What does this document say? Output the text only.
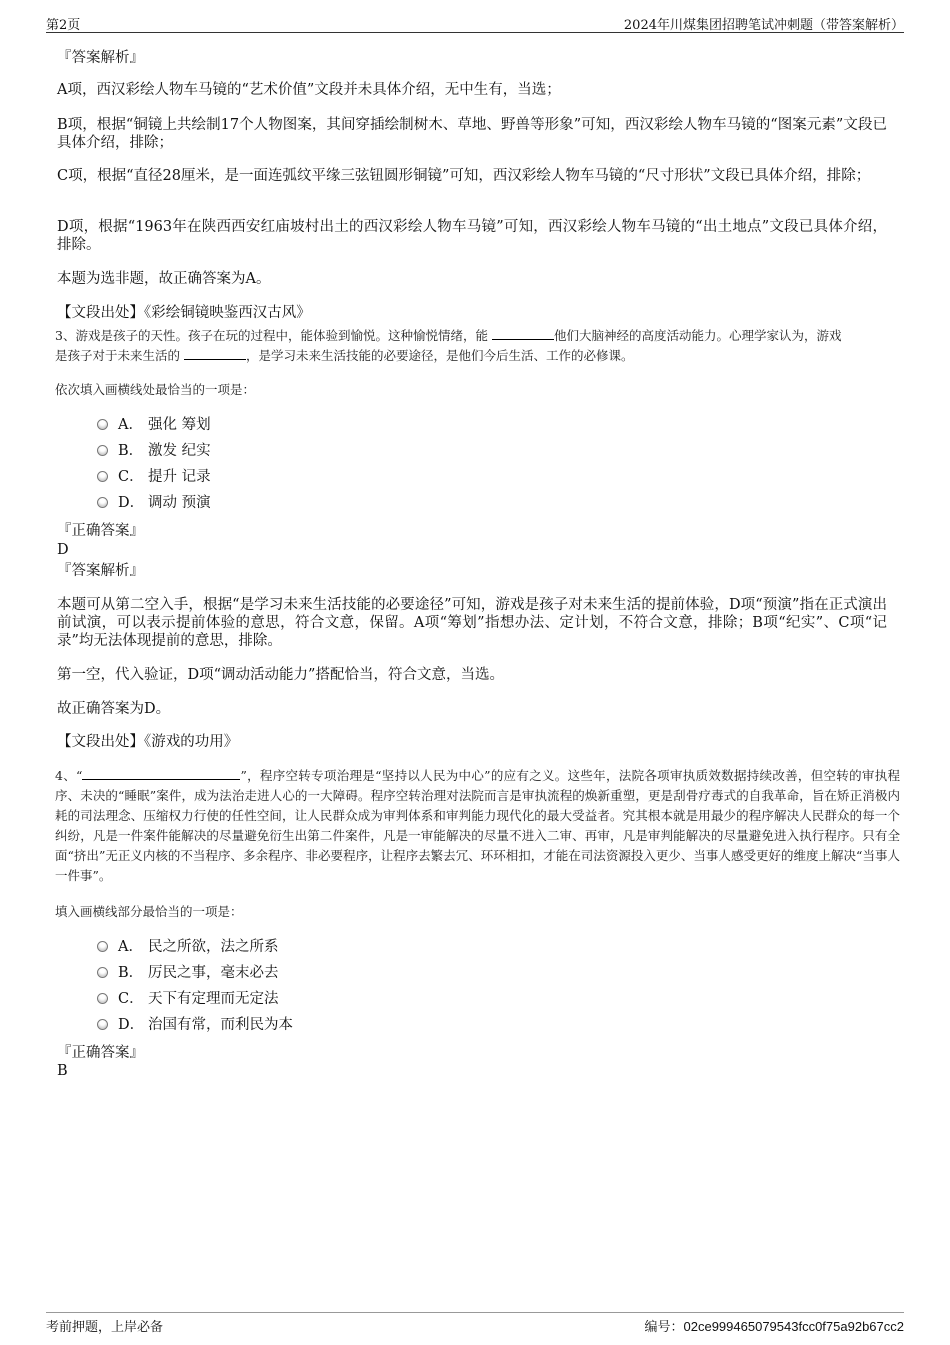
第2页	2024年川煤集团招聘笔试冲刺题（带答案解析）
『答案解析』
A项，西汉彩绘人物车马镜的“艺术价值”文段并未具体介绍，无中生有，当选；
B项，根据“铜镜上共绘制17个人物图案，其间穿插绘制树木、草地、野兽等形象”可知，西汉彩绘人物车马镜的“图案元素”文段已具体介绍，排除；
C项，根据“直径28厘米，是一面连弧纹平缘三弦钮圆形铜镜”可知，西汉彩绘人物车马镜的“尺寸形状”文段已具体介绍，排除；
D项，根据“1963年在陕西西安红庙坡村出土的西汉彩绘人物车马镜”可知，西汉彩绘人物车马镜的“出土地点”文段已具体介绍，排除。
本题为选非题，故正确答案为A。
【文段出处】《彩绘铜镜映鉴西汉古风》
3、游戏是孩子的天性。孩子在玩的过程中，能体验到愉悦。这种愉悦情绪，能	他们大脑神经的高度活动能力。心理学家认为，游戏
是孩子对于未来生活的	，是学习未来生活技能的必要途径，是他们今后生活、工作的必修课。
依次填入画横线处最恰当的一项是：
A． 强化 筹划
B． 激发 纪实
C． 提升 记录
D． 调动 预演
『正确答案』
D
『答案解析』
本题可从第二空入手，根据“是学习未来生活技能的必要途径”可知，游戏是孩子对未来生活的提前体验，D项“预演”指在正式演出前试演，可以表示提前体验的意思，符合文意，保留。A项“筹划”指想办法、定计划，不符合文意，排除；B项“纪实”、C项“记录”均无法体现提前的意思，排除。
第一空，代入验证，D项“调动活动能力”搭配恰当，符合文意，当选。
故正确答案为D。
【文段出处】《游戏的功用》
4、“	”，程序空转专项治理是“坚持以人民为中心”的应有之义。这些年，法院各项审执质效数据持续改善，但空转的审执程序、未决的“睡眠”案件，成为法治走进人心的一大障碍。程序空转治理对法院而言是审执流程的焕新重塑，更是刮骨疗毒式的自我革命，旨在矫正消极内耗的司法理念、压缩权力行使的任性空间，让人民群众成为审判体系和审判能力现代化的最大受益者。究其根本就是用最少的程序解决人民群众的每一个纠纷，凡是一件案件能解决的尽量避免衍生出第二件案件，凡是一审能解决的尽量不进入二审、再审，凡是审判能解决的尽量避免进入执行程序。只有全面“挤出”无正义内核的不当程序、多余程序、非必要程序，让程序去繁去冗、环环相扣，才能在司法资源投入更少、当事人感受更好的维度上解决“当事人一件事”。
填入画横线部分最恰当的一项是：
A． 民之所欲，法之所系
B． 厉民之事，毫末必去
C． 天下有定理而无定法
D． 治国有常，而利民为本
『正确答案』
B
考前押题，上岸必备	编号：02ce999465079543fcc0f75a92b67cc2
